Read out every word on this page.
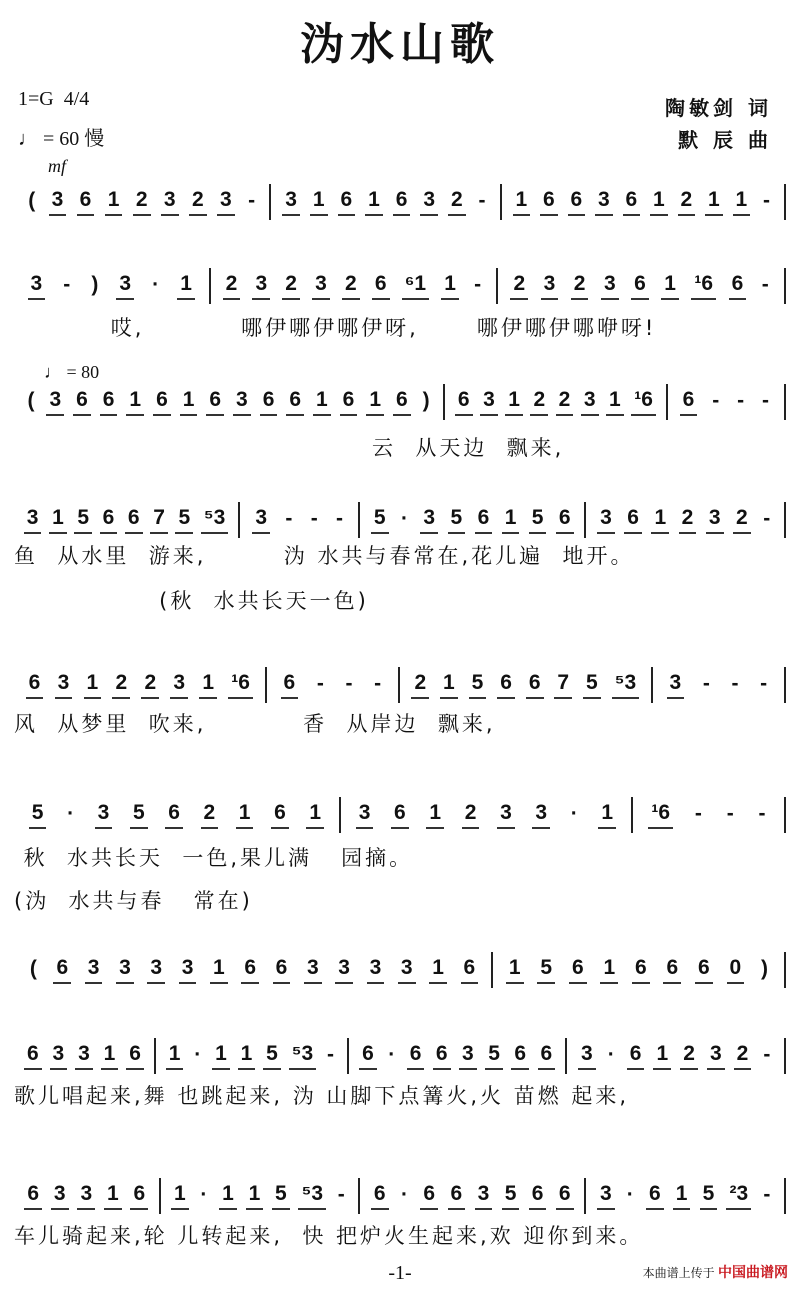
沩水山歌
1=G 4/4
♩ = 60 慢
陶敏剑 词
默 辰 曲
mf
♩ = 80
( 3 6 1 2 3 2 3 - 3 1 6 1 6 3 2 - 1 6 6 3 6 1 2 1 1 -
3 - ) 3 · 1 2 3 2 3 2 6 ⁶1 1 - 2 3 2 3 6 1 ¹6 6 -
哎,          哪伊哪伊哪伊呀,      哪伊哪伊哪咿呀!
( 3 6 6 1 6 1 6 3 6 6 1 6 1 6 ) 6 3 1 2 2 3 1 ¹6 6 - - -
云  从天边  飘来,
3 1 5 6 6 7 5 ⁵3 3 - - - 5 · 3 5 6 1 5 6 3 6 1 2 3 2 -
鱼  从水里  游来,        沩 水共与春常在,花儿遍  地开。
(秋  水共长天一色)
6 3 1 2 2 3 1 ¹6 6 - - - 2 1 5 6 6 7 5 ⁵3 3 - - -
风  从梦里  吹来,          香  从岸边  飘来,
5 · 3 5 6 2 1 6 1 3 6 1 2 3 3 · 1 ¹6 - - -
秋  水共长天  一色,果儿满   园摘。
(沩  水共与春   常在)
( 6 3 3 3 3 1 6 6 3 3 3 3 1 6 1 5 6 1 6 6 6 0 )
6 3 3 1 6 1 · 1 1 5 ⁵3 - 6 · 6 6 3 5 6 6 3 · 6 1 2 3 2 -
歌儿唱起来,舞 也跳起来, 沩 山脚下点篝火,火 苗燃 起来,
6 3 3 1 6 1 · 1 1 5 ⁵3 - 6 · 6 6 3 5 6 6 3 · 6 1 5 ²3 -
车儿骑起来,轮 儿转起来,  快 把炉火生起来,欢 迎你到来。
-1-	本曲谱上传于 中国曲谱网
